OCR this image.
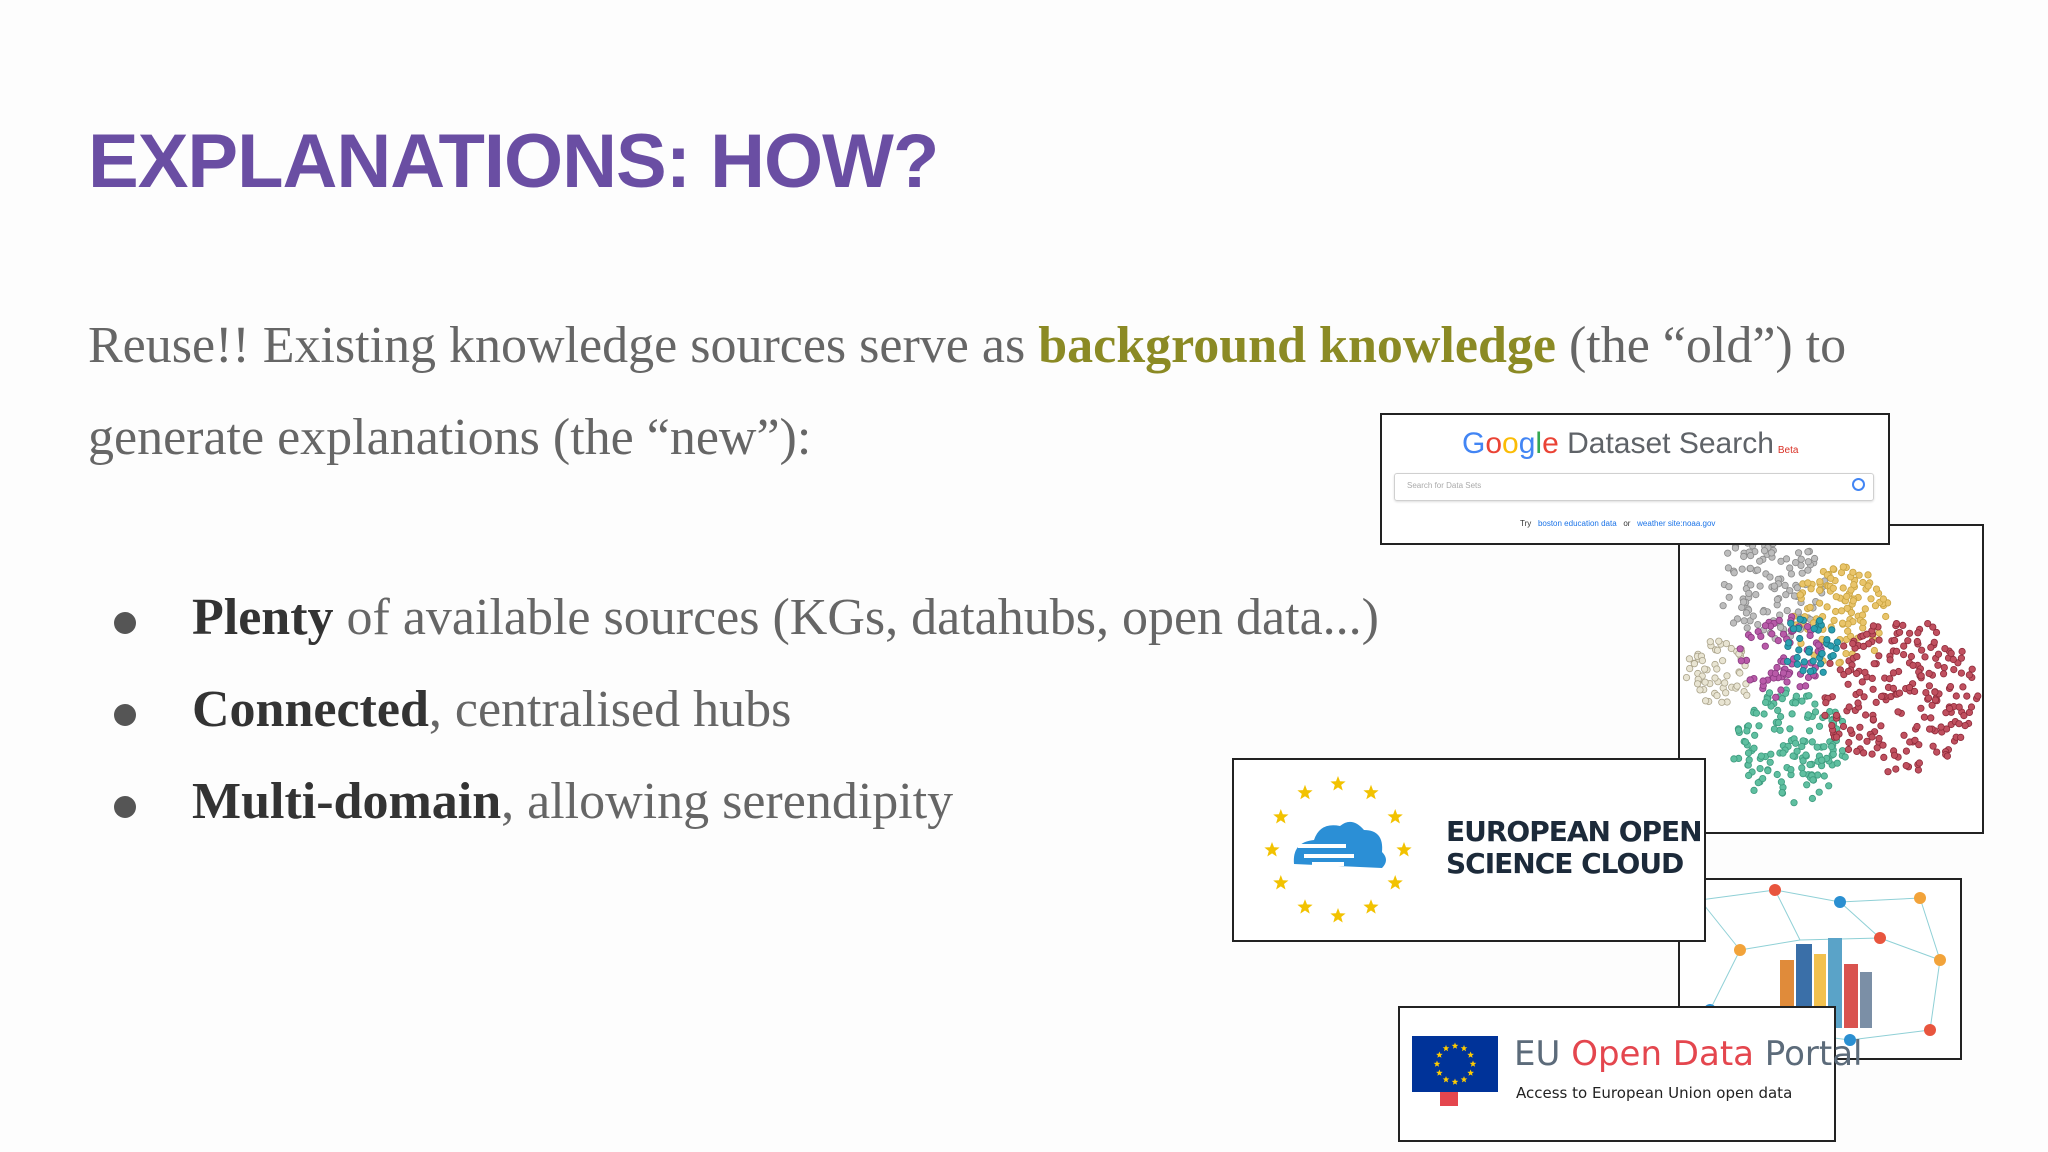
EXPLANATIONS: HOW?
Reuse!! Existing knowledge sources serve as background knowledge (the “old”) to generate explanations (the “new”):
Plenty of available sources (KGs, datahubs, open data...)
Connected, centralised hubs
Multi-domain, allowing serendipity
Google Dataset Search Beta
Search for Data Sets
Try boston education data or weather site:noaa.gov
EUROPEAN OPEN
SCIENCE CLOUD
EU Open Data Portal
Access to European Union open data
